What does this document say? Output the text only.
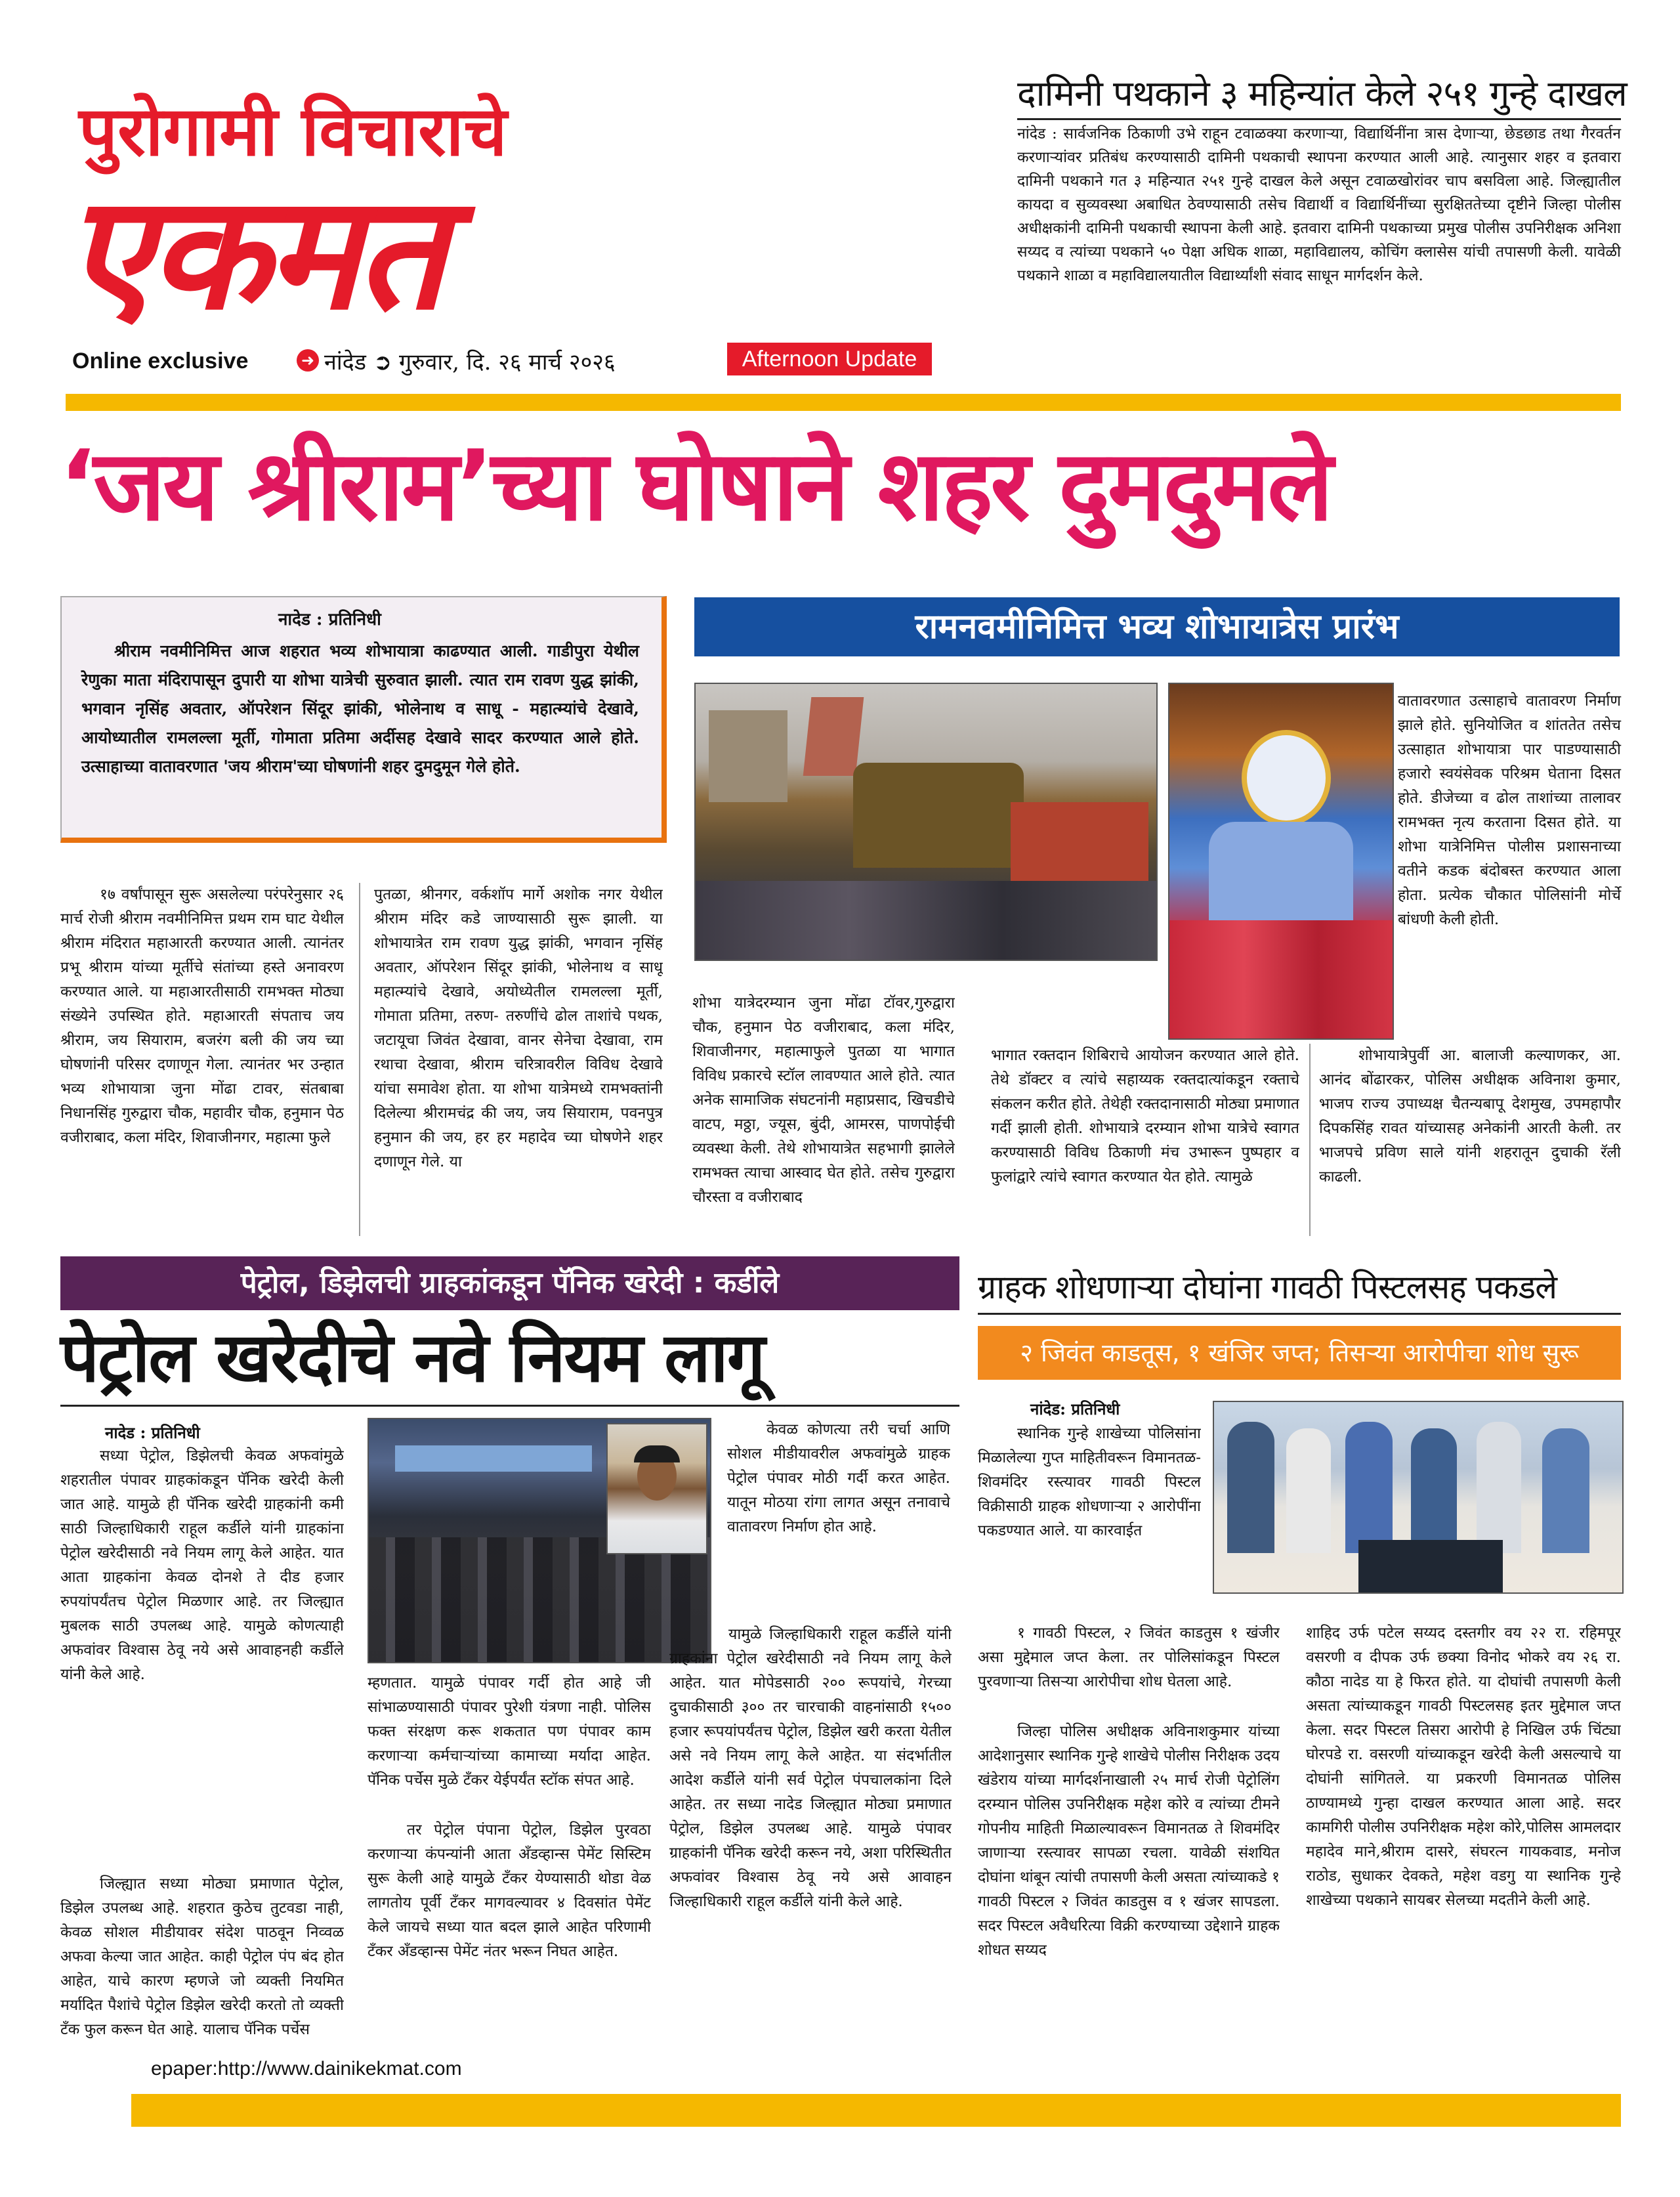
पुरोगामी विचाराचे
एकमत
Online exclusive	➜ नांदेड ➲ गुरुवार, दि. २६ मार्च २०२६	Afternoon Update
दामिनी पथकाने ३ महिन्यांत केले २५१ गुन्हे दाखल

नांदेड : सार्वजनिक ठिकाणी उभे राहून टवाळक्या करणाऱ्या, विद्यार्थिनींना त्रास देणाऱ्या, छेडछाड तथा गैरवर्तन करणाऱ्यांवर प्रतिबंध करण्यासाठी दामिनी पथकाची स्थापना करण्यात आली आहे. त्यानुसार शहर व इतवारा दामिनी पथकाने गत ३ महिन्यात २५१ गुन्हे दाखल केले असून टवाळखोरांवर चाप बसविला आहे. जिल्ह्यातील कायदा व सुव्यवस्था अबाधित ठेवण्यासाठी तसेच विद्यार्थी व विद्यार्थिनींच्या सुरक्षिततेच्या दृष्टीने जिल्हा पोलीस अधीक्षकांनी दामिनी पथकाची स्थापना केली आहे. इतवारा दामिनी पथकाच्या प्रमुख पोलीस उपनिरीक्षक अनिशा सय्यद व त्यांच्या पथकाने ५० पेक्षा अधिक शाळा, महाविद्यालय, कोचिंग क्लासेस यांची तपासणी केली. यावेळी पथकाने शाळा व महाविद्यालयातील विद्यार्थ्यांशी संवाद साधून मार्गदर्शन केले.

‘जय श्रीराम’च्या घोषाने शहर दुमदुमले
नादेड : प्रतिनिधी

श्रीराम नवमीनिमित्त आज शहरात भव्य शोभायात्रा काढण्यात आली. गाडीपुरा येथील रेणुका माता मंदिरापासून दुपारी या शोभा यात्रेची सुरुवात झाली. त्यात राम रावण युद्ध झांकी, भगवान नृसिंह अवतार, ऑपरेशन सिंदूर झांकी, भोलेनाथ व साधू - महात्म्यांचे देखावे, आयोध्यातील रामलल्ला मूर्ती, गोमाता प्रतिमा अर्दीसह देखावे सादर करण्यात आले होते. उत्साहाच्या वातावरणात 'जय श्रीराम'च्या घोषणांनी शहर दुमदुमून गेले होते.

रामनवमीनिमित्त भव्य शोभायात्रेस प्रारंभ

वातावरणात उत्साहाचे वातावरण निर्माण झाले होते. सुनियोजित व शांततेत तसेच उत्साहात शोभायात्रा पार पाडण्यासाठी हजारो स्वयंसेवक परिश्रम घेताना दिसत होते. डीजेच्या व ढोल ताशांच्या तालावर रामभक्त नृत्य करताना दिसत होते. या शोभा यात्रेनिमित्त पोलीस प्रशासनाच्या वतीने कडक बंदोबस्त करण्यात आला होता. प्रत्येक चौकात पोलिसांनी मोर्चे बांधणी केली होती.

१७ वर्षांपासून सुरू असलेल्या परंपरेनुसार २६ मार्च रोजी श्रीराम नवमीनिमित्त प्रथम राम घाट येथील श्रीराम मंदिरात महाआरती करण्यात आली. त्यानंतर प्रभू श्रीराम यांच्या मूर्तीचे संतांच्या हस्ते अनावरण करण्यात आले. या महाआरतीसाठी रामभक्त मोठ्या संख्येने उपस्थित होते. महाआरती संपताच जय श्रीराम, जय सियाराम, बजरंग बली की जय च्या घोषणांनी परिसर दणाणून गेला. त्यानंतर भर उन्हात भव्य शोभायात्रा जुना मोंढा टावर, संतबाबा निधानसिंह गुरुद्वारा चौक, महावीर चौक, हनुमान पेठ वजीराबाद, कला मंदिर, शिवाजीनगर, महात्मा फुले

पुतळा, श्रीनगर, वर्कशॉप मार्गे अशोक नगर येथील श्रीराम मंदिर कडे जाण्यासाठी सुरू झाली. या शोभायात्रेत राम रावण युद्ध झांकी, भगवान नृसिंह अवतार, ऑपरेशन सिंदूर झांकी, भोलेनाथ व साधू महात्म्यांचे देखावे, अयोध्येतील रामलल्ला मूर्ती, गोमाता प्रतिमा, तरुण- तरुणींचे ढोल ताशांचे पथक, जटायूचा जिवंत देखावा, वानर सेनेचा देखावा, राम रथाचा देखावा, श्रीराम चरित्रावरील विविध देखावे यांचा समावेश होता. या शोभा यात्रेमध्ये रामभक्तांनी दिलेल्या श्रीरामचंद्र की जय, जय सियाराम, पवनपुत्र हनुमान की जय, हर हर महादेव च्या घोषणेने शहर दणाणून गेले. या

शोभा यात्रेदरम्यान जुना मोंढा टॉवर,गुरुद्वारा चौक, हनुमान पेठ वजीराबाद, कला मंदिर, शिवाजीनगर, महात्माफुले पुतळा या भागात विविध प्रकारचे स्टॉल लावण्यात आले होते. त्यात अनेक सामाजिक संघटनांनी महाप्रसाद, खिचडीचे वाटप, मठ्ठा, ज्यूस, बुंदी, आमरस, पाणपोईची व्यवस्था केली. तेथे शोभायात्रेत सहभागी झालेले रामभक्त त्याचा आस्वाद घेत होते. तसेच गुरुद्वारा चौरस्ता व वजीराबाद

भागात रक्तदान शिबिराचे आयोजन करण्यात आले होते. तेथे डॉक्टर व त्यांचे सहाय्यक रक्तदात्यांकडून रक्ताचे संकलन करीत होते. तेथेही रक्तदानासाठी मोठ्या प्रमाणात गर्दी झाली होती. शोभायात्रे दरम्यान शोभा यात्रेचे स्वागत करण्यासाठी विविध ठिकाणी मंच उभारून पुष्पहार व फुलांद्वारे त्यांचे स्वागत करण्यात येत होते. त्यामुळे

शोभायात्रेपुर्वी आ. बालाजी कल्याणकर, आ. आनंद बोंढारकर, पोलिस अधीक्षक अविनाश कुमार, भाजप राज्य उपाध्यक्ष चैतन्यबापू देशमुख, उपमहापौर दिपकसिंह रावत यांच्यासह अनेकांनी आरती केली. तर भाजपचे प्रविण साले यांनी शहरातून दुचाकी रॅली काढली.

पेट्रोल, डिझेलची ग्राहकांकडून पॅनिक खरेदी : कर्डीले
पेट्रोल खरेदीचे नवे नियम लागू
नादेड : प्रतिनिधी

सध्या पेट्रोल, डिझेलची केवळ अफवांमुळे शहरातील पंपावर ग्राहकांकडून पॅनिक खरेदी केली जात आहे. यामुळे ही पॅनिक खरेदी ग्राहकांनी कमी साठी जिल्हाधिकारी राहूल कर्डीले यांनी ग्राहकांना पेट्रोल खरेदीसाठी नवे नियम लागू केले आहेत. यात आता ग्राहकांना केवळ दोनशे ते दीड हजार रुपयांपर्यंतच पेट्रोल मिळणार आहे. तर जिल्ह्यात मुबलक साठी उपलब्ध आहे. यामुळे कोणत्याही अफवांवर विश्वास ठेवू नये असे आवाहनही कर्डीले यांनी केले आहे.

जिल्ह्यात सध्या मोठ्या प्रमाणात पेट्रोल, डिझेल उपलब्ध आहे. शहरात कुठेच तुटवडा नाही, केवळ सोशल मीडीयावर संदेश पाठवून निव्वळ अफवा केल्या जात आहेत. काही पेट्रोल पंप बंद होत आहेत, याचे कारण म्हणजे जो व्यक्ती नियमित मर्यादित पैशांचे पेट्रोल डिझेल खरेदी करतो तो व्यक्ती टँक फुल करून घेत आहे. यालाच पॅनिक पर्चेस

म्हणतात. यामुळे पंपावर गर्दी होत आहे जी सांभाळण्यासाठी पंपावर पुरेशी यंत्रणा नाही. पोलिस फक्त संरक्षण करू शकतात पण पंपावर काम करणाऱ्या कर्मचाऱ्यांच्या कामाच्या मर्यादा आहेत. पॅनिक पर्चेस मुळे टँकर येईपर्यंत स्टॉक संपत आहे.

तर पेट्रोल पंपाना पेट्रोल, डिझेल पुरवठा करणाऱ्या कंपन्यांनी आता अँडव्हान्स पेमेंट सिस्टिम सुरू केली आहे यामुळे टँकर येण्यासाठी थोडा वेळ लागतोय पूर्वी टँकर मागवल्यावर ४ दिवसांत पेमेंट केले जायचे सध्या यात बदल झाले आहेत परिणामी टँकर अँडव्हान्स पेमेंट नंतर भरून निघत आहेत.

केवळ कोणत्या तरी चर्चा आणि सोशल मीडीयावरील अफवांमुळे ग्राहक पेट्रोल पंपावर मोठी गर्दी करत आहेत. यातून मोठया रांगा लागत असून तनावाचे वातावरण निर्माण होत आहे.

यामुळे जिल्हाधिकारी राहूल कर्डीले यांनी ग्राहकांना पेट्रोल खरेदीसाठी नवे नियम लागू केले आहेत. यात मोपेडसाठी २०० रूपयांचे, गेरच्या दुचाकीसाठी ३०० तर चारचाकी वाहनांसाठी १५०० हजार रूपयांपर्यंतच पेट्रोल, डिझेल खरी करता येतील असे नवे नियम लागू केले आहेत. या संदर्भातील आदेश कर्डीले यांनी सर्व पेट्रोल पंपचालकांना दिले आहेत. तर सध्या नादेड जिल्ह्यात मोठ्या प्रमाणात पेट्रोल, डिझेल उपलब्ध आहे. यामुळे पंपावर ग्राहकांनी पॅनिक खरेदी करून नये, अशा परिस्थितीत अफवांवर विश्वास ठेवू नये असे आवाहन जिल्हाधिकारी राहूल कर्डीले यांनी केले आहे.

ग्राहक शोधणाऱ्या दोघांना गावठी पिस्टलसह पकडले
२ जिवंत काडतूस, १ खंजिर जप्त; तिसऱ्या आरोपीचा शोध सुरू
नांदेड: प्रतिनिधी

स्थानिक गुन्हे शाखेच्या पोलिसांना मिळालेल्या गुप्त माहितीवरून विमानतळ- शिवमंदिर रस्त्यावर गावठी पिस्टल विक्रीसाठी ग्राहक शोधणाऱ्या २ आरोपींना पकडण्यात आले. या कारवाईत

१ गावठी पिस्टल, २ जिवंत काडतुस १ खंजीर असा मुद्देमाल जप्त केला. तर पोलिसांकडून पिस्टल पुरवणाऱ्या तिसऱ्या आरोपीचा शोध घेतला आहे.

जिल्हा पोलिस अधीक्षक अविनाशकुमार यांच्या आदेशानुसार स्थानिक गुन्हे शाखेचे पोलीस निरीक्षक उदय खंडेराय यांच्या मार्गदर्शनाखाली २५ मार्च रोजी पेट्रोलिंग दरम्यान पोलिस उपनिरीक्षक महेश कोरे व त्यांच्या टीमने गोपनीय माहिती मिळाल्यावरून विमानतळ ते शिवमंदिर जाणाऱ्या रस्त्यावर सापळा रचला. यावेळी संशयित दोघांना थांबून त्यांची तपासणी केली असता त्यांच्याकडे १ गावठी पिस्टल २ जिवंत काडतुस व १ खंजर सापडला. सदर पिस्टल अवैधरित्या विक्री करण्याच्या उद्देशाने ग्राहक शोधत सय्यद

शाहिद उर्फ पटेल सय्यद दस्तगीर वय २२ रा. रहिमपूर वसरणी व दीपक उर्फ छक्या विनोद भोकरे वय २६ रा. कौठा नादेड या हे फिरत होते. या दोघांची तपासणी केली असता त्यांच्याकडून गावठी पिस्टलसह इतर मुद्देमाल जप्त केला. सदर पिस्टल तिसरा आरोपी हे निखिल उर्फ चिंट्या घोरपडे रा. वसरणी यांच्याकडून खरेदी केली असल्याचे या दोघांनी सांगितले. या प्रकरणी विमानतळ पोलिस ठाण्यामध्ये गुन्हा दाखल करण्यात आला आहे. सदर कामगिरी पोलीस उपनिरीक्षक महेश कोरे,पोलिस आमलदार महादेव माने,श्रीराम दासरे, संघरत्न गायकवाड, मनोज राठोड, सुधाकर देवकते, महेश वडगु या स्थानिक गुन्हे शाखेच्या पथकाने सायबर सेलच्या मदतीने केली आहे.

epaper:http://www.dainikekmat.com
